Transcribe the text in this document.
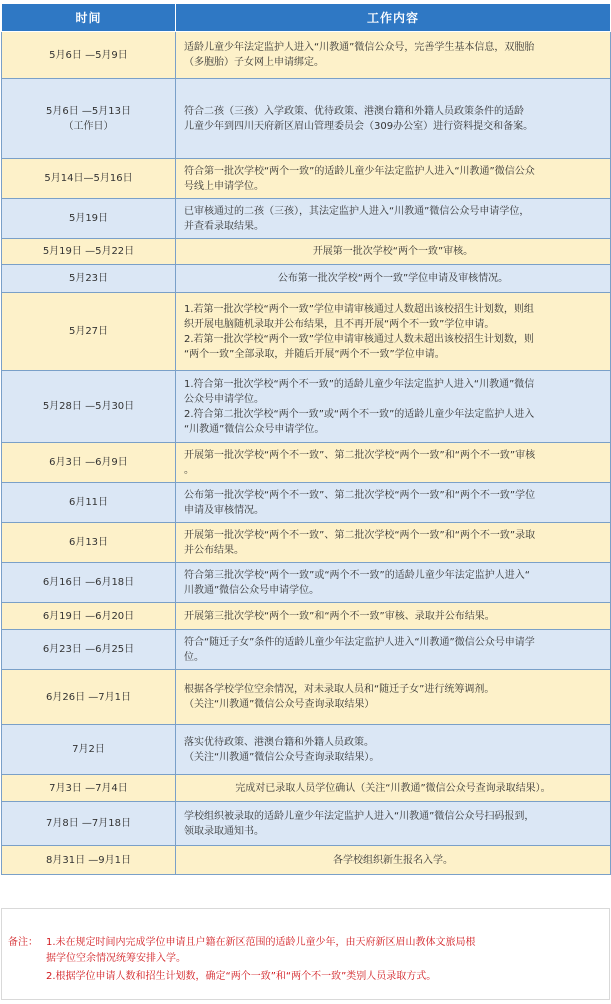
时间	工作内容
5月6日 —5月9日	适龄儿童少年法定监护人进入“川教通”微信公众号，完善学生基本信息，双胞胎
（多胞胎）子女网上申请绑定。
5月6日 —5月13日
（工作日）	符合二孩（三孩）入学政策、优待政策、港澳台籍和外籍人员政策条件的适龄
儿童少年到四川天府新区眉山管理委员会（309办公室）进行资料提交和备案。
5月14日—5月16日	符合第一批次学校“两个一致”的适龄儿童少年法定监护人进入“川教通”微信公众
号线上申请学位。
5月19日	已审核通过的二孩（三孩），其法定监护人进入“川教通”微信公众号申请学位，
并查看录取结果。
5月19日 —5月22日	开展第一批次学校“两个一致”审核。
5月23日	公布第一批次学校“两个一致”学位申请及审核情况。
5月27日	1.若第一批次学校“两个一致”学位申请审核通过人数超出该校招生计划数，则组
织开展电脑随机录取并公布结果，且不再开展“两个不一致”学位申请。
2.若第一批次学校“两个一致”学位申请审核通过人数未超出该校招生计划数，则
“两个一致”全部录取，并随后开展“两个不一致”学位申请。
5月28日 —5月30日	1.符合第一批次学校“两个不一致”的适龄儿童少年法定监护人进入“川教通”微信
公众号申请学位。
2.符合第二批次学校“两个一致”或“两个不一致”的适龄儿童少年法定监护人进入
“川教通”微信公众号申请学位。
6月3日 —6月9日	开展第一批次学校“两个不一致”、第二批次学校“两个一致”和“两个不一致”审核
。
6月11日	公布第一批次学校“两个不一致”、第二批次学校“两个一致”和“两个不一致”学位
申请及审核情况。
6月13日	开展第一批次学校“两个不一致”、第二批次学校“两个一致”和“两个不一致”录取
并公布结果。
6月16日 —6月18日	符合第三批次学校“两个一致”或“两个不一致”的适龄儿童少年法定监护人进入“
川教通”微信公众号申请学位。
6月19日 —6月20日	开展第三批次学校“两个一致”和“两个不一致”审核、录取并公布结果。
6月23日 —6月25日	符合“随迁子女”条件的适龄儿童少年法定监护人进入“川教通”微信公众号申请学
位。
6月26日 —7月1日	根据各学校学位空余情况，对未录取人员和“随迁子女”进行统筹调剂。
（关注“川教通”微信公众号查询录取结果）
7月2日	落实优待政策、港澳台籍和外籍人员政策。
（关注“川教通”微信公众号查询录取结果）。
7月3日 —7月4日	完成对已录取人员学位确认（关注“川教通”微信公众号查询录取结果）。
7月8日 —7月18日	学校组织被录取的适龄儿童少年法定监护人进入“川教通”微信公众号扫码报到，
领取录取通知书。
8月31日 —9月1日	各学校组织新生报名入学。
备注： 1.未在规定时间内完成学位申请且户籍在新区范围的适龄儿童少年，由天府新区眉山教体文旅局根
据学位空余情况统筹安排入学。
2.根据学位申请人数和招生计划数，确定“两个一致”和“两个不一致”类别人员录取方式。
